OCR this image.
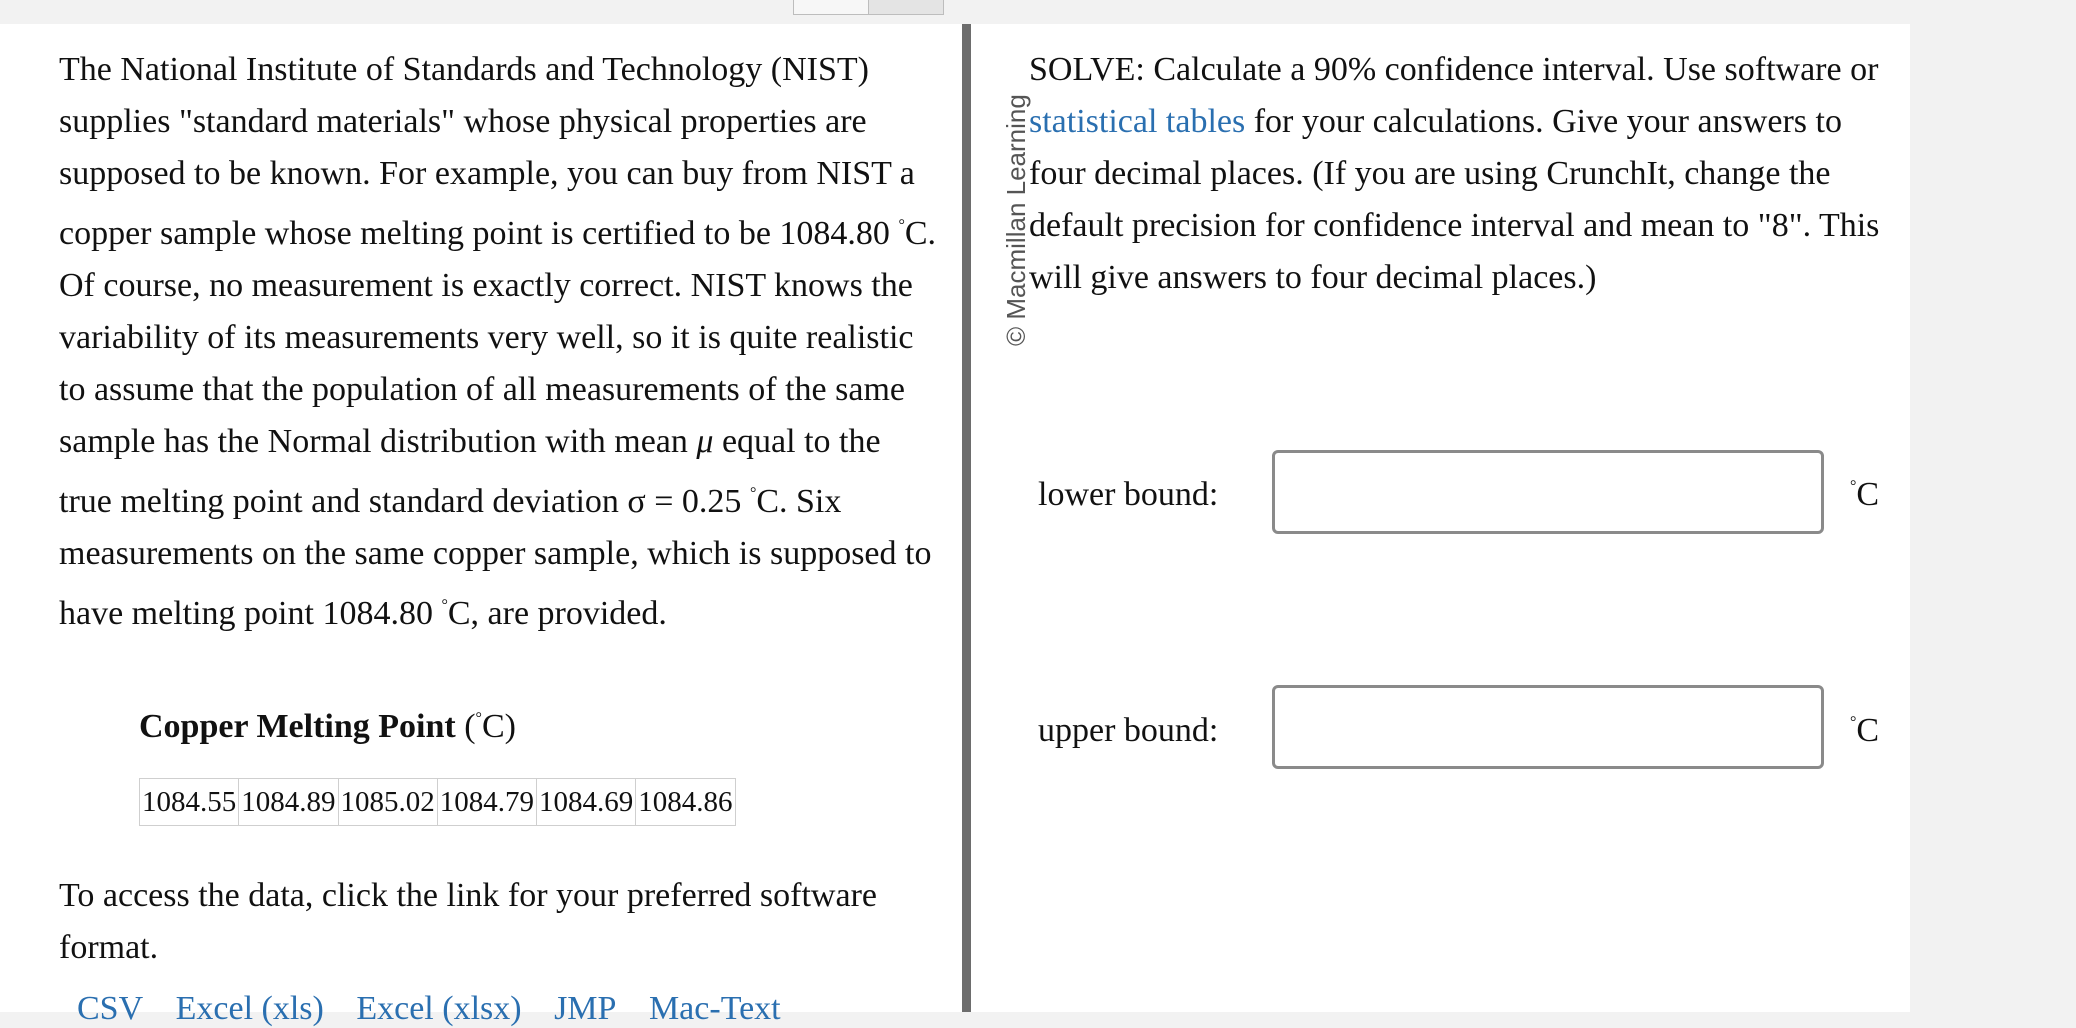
The National Institute of Standards and Technology (NIST) supplies "standard materials" whose physical properties are supposed to be known. For example, you can buy from NIST a copper sample whose melting point is certified to be 1084.80 °C. Of course, no measurement is exactly correct. NIST knows the variability of its measurements very well, so it is quite realistic to assume that the population of all measurements of the same sample has the Normal distribution with mean μ equal to the true melting point and standard deviation σ = 0.25 °C. Six measurements on the same copper sample, which is supposed to have melting point 1084.80 °C, are provided.

Copper Melting Point (°C)
1084.55	1084.89	1085.02	1084.79	1084.69	1084.86

To access the data, click the link for your preferred software format.

CSV Excel (xls) Excel (xlsx) JMP Mac-Text
© Macmillan Learning

SOLVE: Calculate a 90% confidence interval. Use software or statistical tables for your calculations. Give your answers to four decimal places. (If you are using CrunchIt, change the default precision for confidence interval and mean to "8". This will give answers to four decimal places.)

lower bound:	°C
upper bound:	°C
